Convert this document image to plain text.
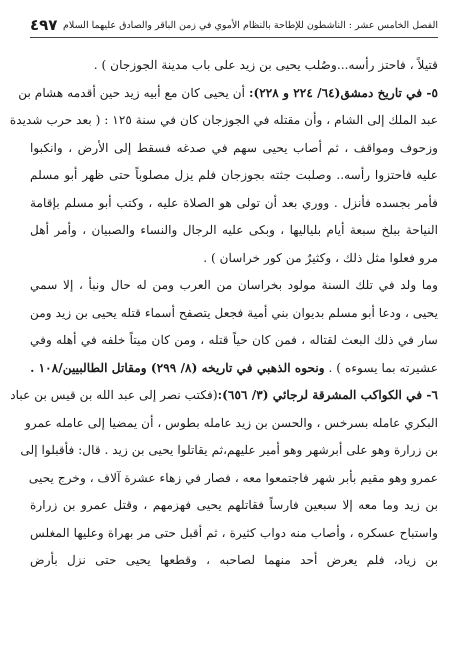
الفصل الخامس عشر : الناشطون للإطاحة بالنظام الأموي في زمن الباقر والصادق عليهما السلام
٤٩٧
قتيلاً ، فاحتز رأسه...وصُلب يحيى بن زيد على باب مدينة الجوزجان ) .
٥- في تاريخ دمشق(٦٤/ ٢٢٤ و ٢٢٨): أن يحيى كان مع أبيه زيد حين أقدمه هشام بن
عبد الملك إلى الشام ، وأن مقتله في الجوزجان كان في سنة ١٢٥ : ( بعد حرب شديدة
وزحوف ومواقف ، ثم أصاب يحيى سهم في صدغه فسقط إلى الأرض ، وانكبوا
عليه فاحتزوا رأسه.. وصلبت جثته بجوزجان فلم يزل مصلوباً حتى ظهر أبو مسلم
فأمر بجسده فأنزل . ووري بعد أن تولى هو الصلاة عليه ، وكتب أبو مسلم بإقامة
النياحة ببلخ سبعة أيام بلياليها ، وبكى عليه الرجال والنساء والصبيان ، وأمر أهل
مرو فعلوا مثل ذلك ، وكثيرٌ من كور خراسان ) .
وما ولد في تلك السنة مولود بخراسان من العرب ومن له حال ونبأ ، إلا سمي
يحيى ، ودعا أبو مسلم بديوان بني أمية فجعل يتصفح أسماء قتله يحيى بن زيد ومن
سار في ذلك البعث لقتاله ، فمن كان حياً قتله ، ومن كان ميتاً خلفه في أهله وفي
عشيرته بما يسوءه ) . ونحوه الذهبي في تاريخه (٨/ ٢٩٩) ومقاتل الطالبيين/١٠٨ .
٦- في الكواكب المشرقة لرجائي (٣/ ٦٥٦):(فكتب نصر إلى عبد الله بن قيس بن عباد
البكري عامله بسرخس ، والحسن بن زيد عامله بطوس ، أن يمضيا إلى عامله عمرو
بن زرارة وهو على أبرشهر وهو أمير عليهم،ثم يقاتلوا يحيى بن زيد . قال: فأقبلوا إلى
عمرو وهو مقيم بأبر شهر فاجتمعوا معه ، فصار في زهاء عشرة آلاف ، وخرج يحيى
بن زيد وما معه إلا سبعين فارساً فقاتلهم يحيى فهزمهم ، وقتل عمرو بن زرارة
واستباح عسكره ، وأصاب منه دواب كثيرة ، ثم أقبل حتى مر بهراة وعليها المغلس
بن زياد، فلم يعرض أحد منهما لصاحبه ، وقطعها يحيى حتى نزل بأرض
